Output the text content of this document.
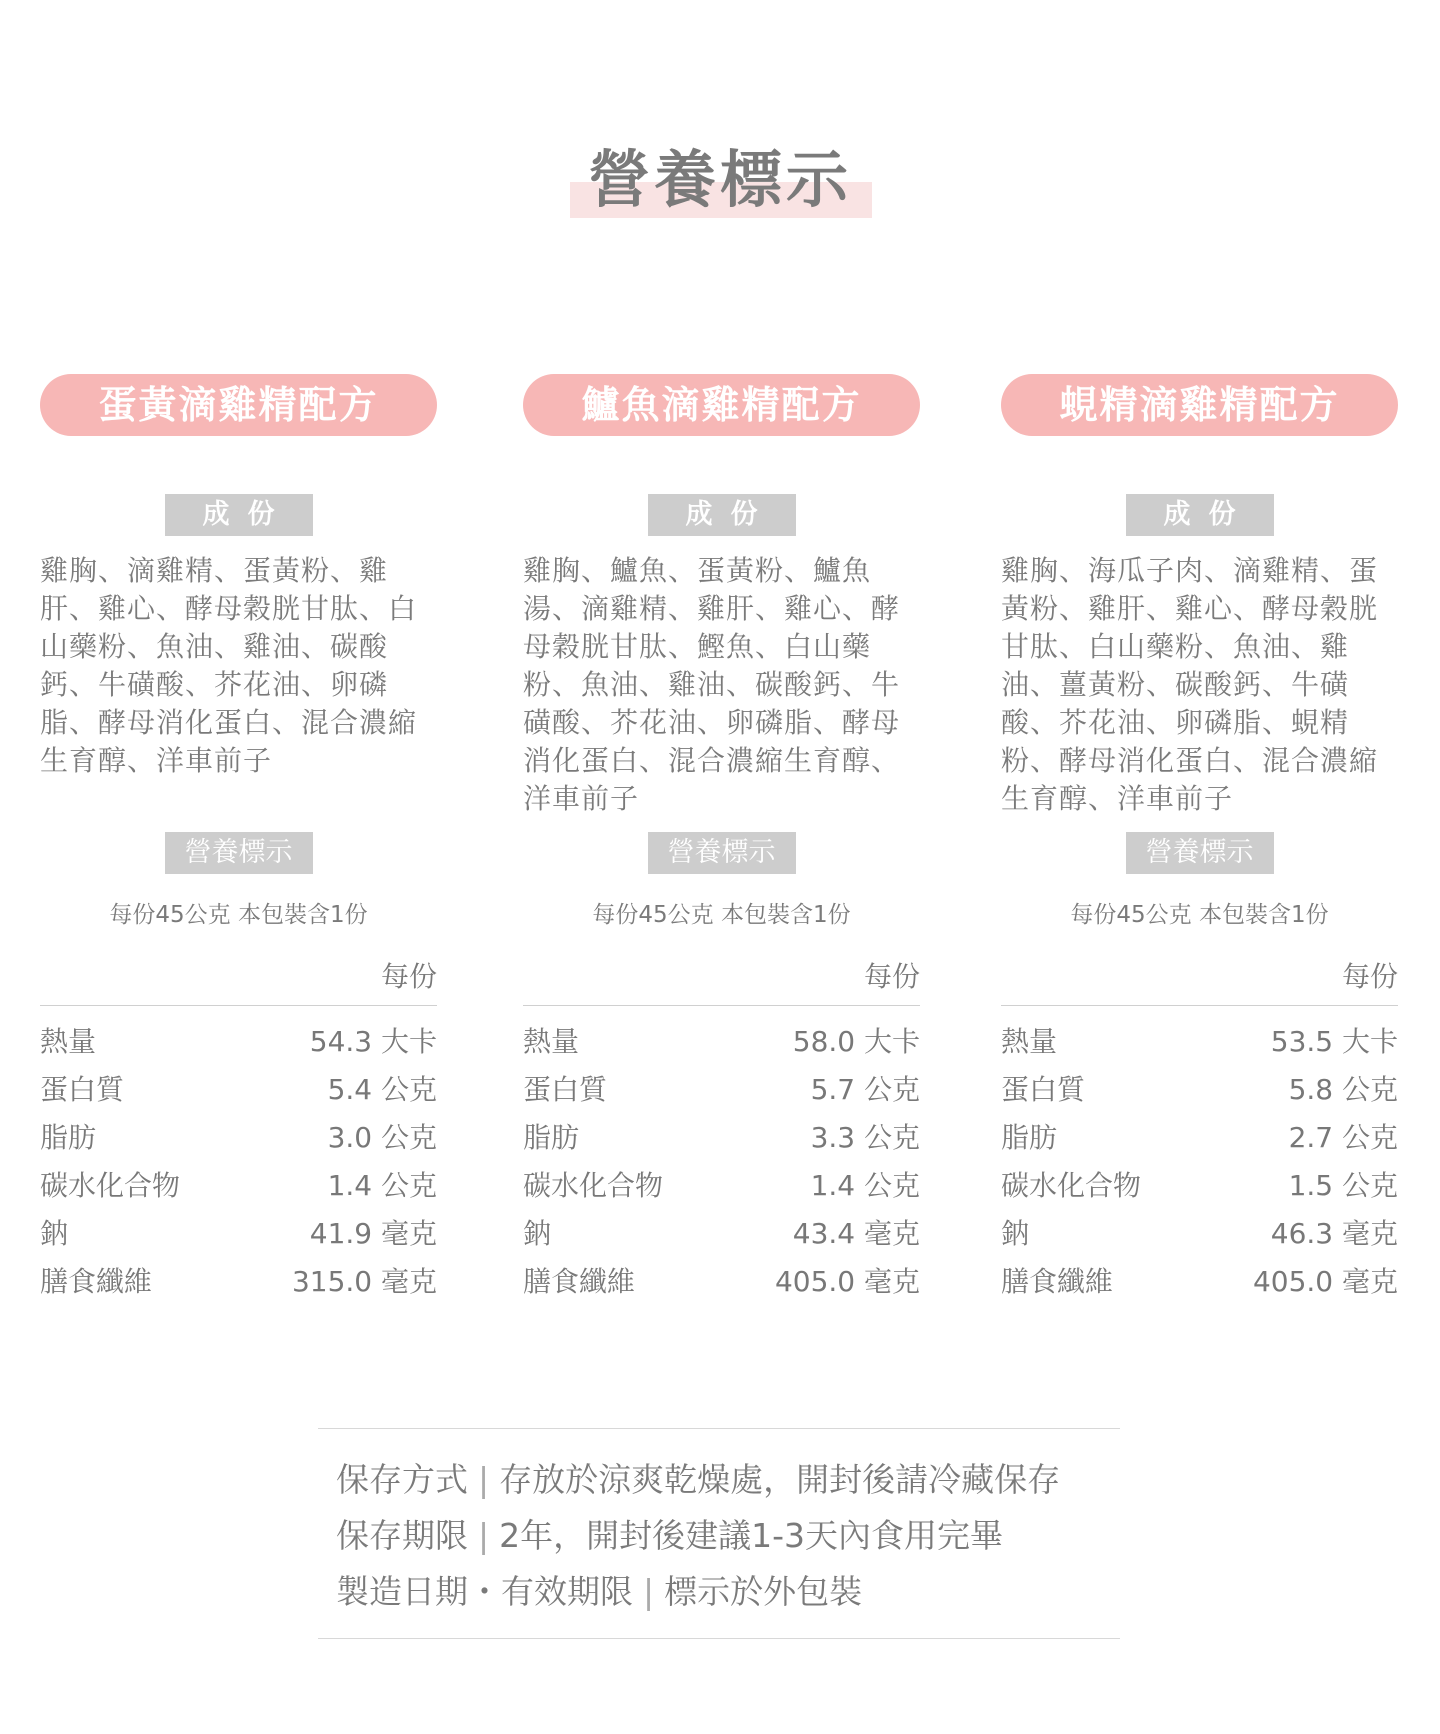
營養標示
蛋黃滴雞精配方
成份
雞胸、滴雞精、蛋黃粉、雞肝、雞心、酵母穀胱甘肽、白山藥粉、魚油、雞油、碳酸鈣、牛磺酸、芥花油、卵磷脂、酵母消化蛋白、混合濃縮生育醇、洋車前子
營養標示
每份45公克 本包裝含1份
每份
熱量	54.3 大卡
蛋白質	5.4 公克
脂肪	3.0 公克
碳水化合物	1.4 公克
鈉	41.9 毫克
膳食纖維	315.0 毫克
鱸魚滴雞精配方
成份
雞胸、鱸魚、蛋黃粉、鱸魚湯、滴雞精、雞肝、雞心、酵母穀胱甘肽、鰹魚、白山藥粉、魚油、雞油、碳酸鈣、牛磺酸、芥花油、卵磷脂、酵母消化蛋白、混合濃縮生育醇、洋車前子
營養標示
每份45公克 本包裝含1份
每份
熱量	58.0 大卡
蛋白質	5.7 公克
脂肪	3.3 公克
碳水化合物	1.4 公克
鈉	43.4 毫克
膳食纖維	405.0 毫克
蜆精滴雞精配方
成份
雞胸、海瓜子肉、滴雞精、蛋黃粉、雞肝、雞心、酵母穀胱甘肽、白山藥粉、魚油、雞油、薑黃粉、碳酸鈣、牛磺酸、芥花油、卵磷脂、蜆精粉、酵母消化蛋白、混合濃縮生育醇、洋車前子
營養標示
每份45公克 本包裝含1份
每份
熱量	53.5 大卡
蛋白質	5.8 公克
脂肪	2.7 公克
碳水化合物	1.5 公克
鈉	46.3 毫克
膳食纖維	405.0 毫克
保存方式 | 存放於涼爽乾燥處，開封後請冷藏保存
保存期限 | 2年，開封後建議1-3天內食用完畢
製造日期・有效期限 | 標示於外包裝
